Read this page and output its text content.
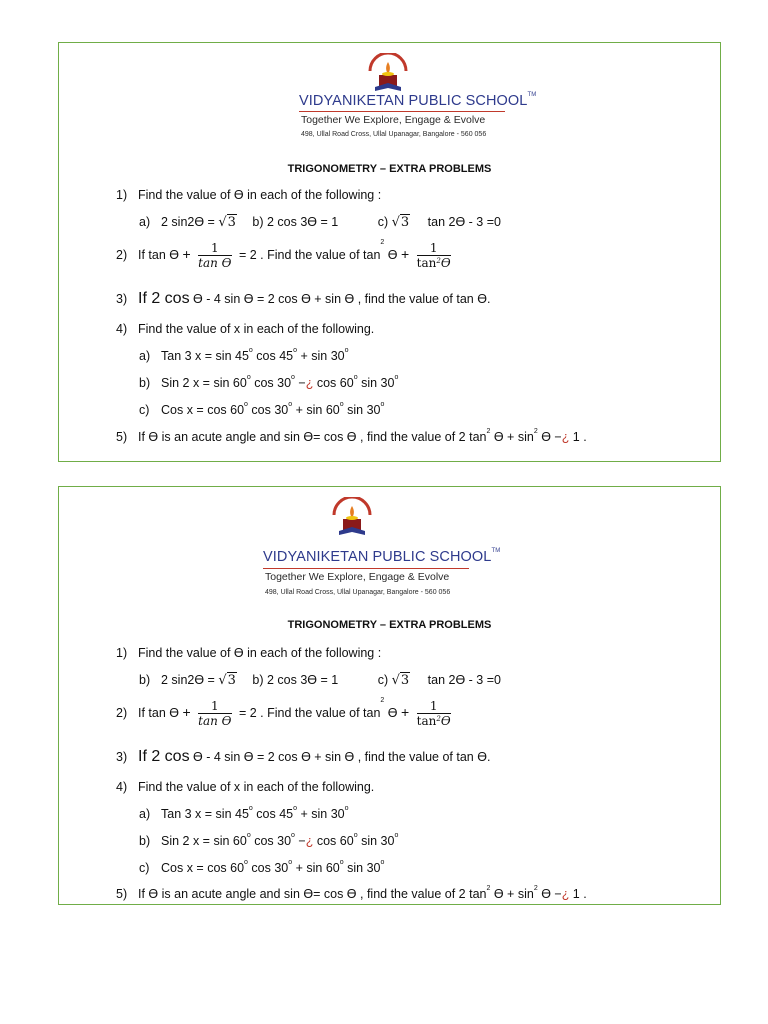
VIDYANIKETAN PUBLIC SCHOOL™
Together We Explore, Engage & Evolve
498, Ullal Road Cross, Ullal Upanagar, Bangalore - 560 056
TRIGONOMETRY – EXTRA PROBLEMS
1) Find the value of ϴ in each of the following :
a) 2 sin2ϴ = √3 b) 2 cos 3ϴ = 1	c) √3 tan 2ϴ - 3 =0
2) If $\tan ϴ + \frac{1}{\text{tan ϴ}} = 2$ . Find the value of $\tan^2 ϴ + \frac{1}{\tan^2ϴ}$
3) If 2 cos ϴ - 4 sin ϴ = 2 cos ϴ + sin ϴ , find the value of tan ϴ.
4) Find the value of x in each of the following.
a) Tan 3 x = sin 45$^o$ $\cos 45^o + \sin 30^o$
b) Sin 2 x = sin 60$^o$ $\cos 30^o$ −¿ cos 60$^o$ sin 30$^o$
c) Cos x = cos 60$^o$ $\cos 30^o + \sin 60^o$ sin 30$^o$
5) If ϴ is an acute angle and sin ϴ= cos ϴ , find the value of 2 $\tan^2 ϴ + \sin^2 ϴ$ −¿ 1 .
VIDYANIKETAN PUBLIC SCHOOL™
Together We Explore, Engage & Evolve
498, Ullal Road Cross, Ullal Upanagar, Bangalore - 560 056
TRIGONOMETRY – EXTRA PROBLEMS
1) Find the value of ϴ in each of the following :
b) 2 sin2ϴ = √3 b) 2 cos 3ϴ = 1	c) √3 tan 2ϴ - 3 =0
2) If $\tan ϴ + \frac{1}{\text{tan ϴ}} = 2$ . Find the value of $\tan^2 ϴ + \frac{1}{\tan^2ϴ}$
3) If 2 cos ϴ - 4 sin ϴ = 2 cos ϴ + sin ϴ , find the value of tan ϴ.
4) Find the value of x in each of the following.
a) Tan 3 x = sin 45$^o$ $\cos 45^o + \sin 30^o$
b) Sin 2 x = sin 60$^o$ $\cos 30^o$ −¿ cos 60$^o$ sin 30$^o$
c) Cos x = cos 60$^o$ $\cos 30^o + \sin 60^o$ sin 30$^o$
5) If ϴ is an acute angle and sin ϴ= cos ϴ , find the value of 2 $\tan^2 ϴ + \sin^2 ϴ$ −¿ 1 .
